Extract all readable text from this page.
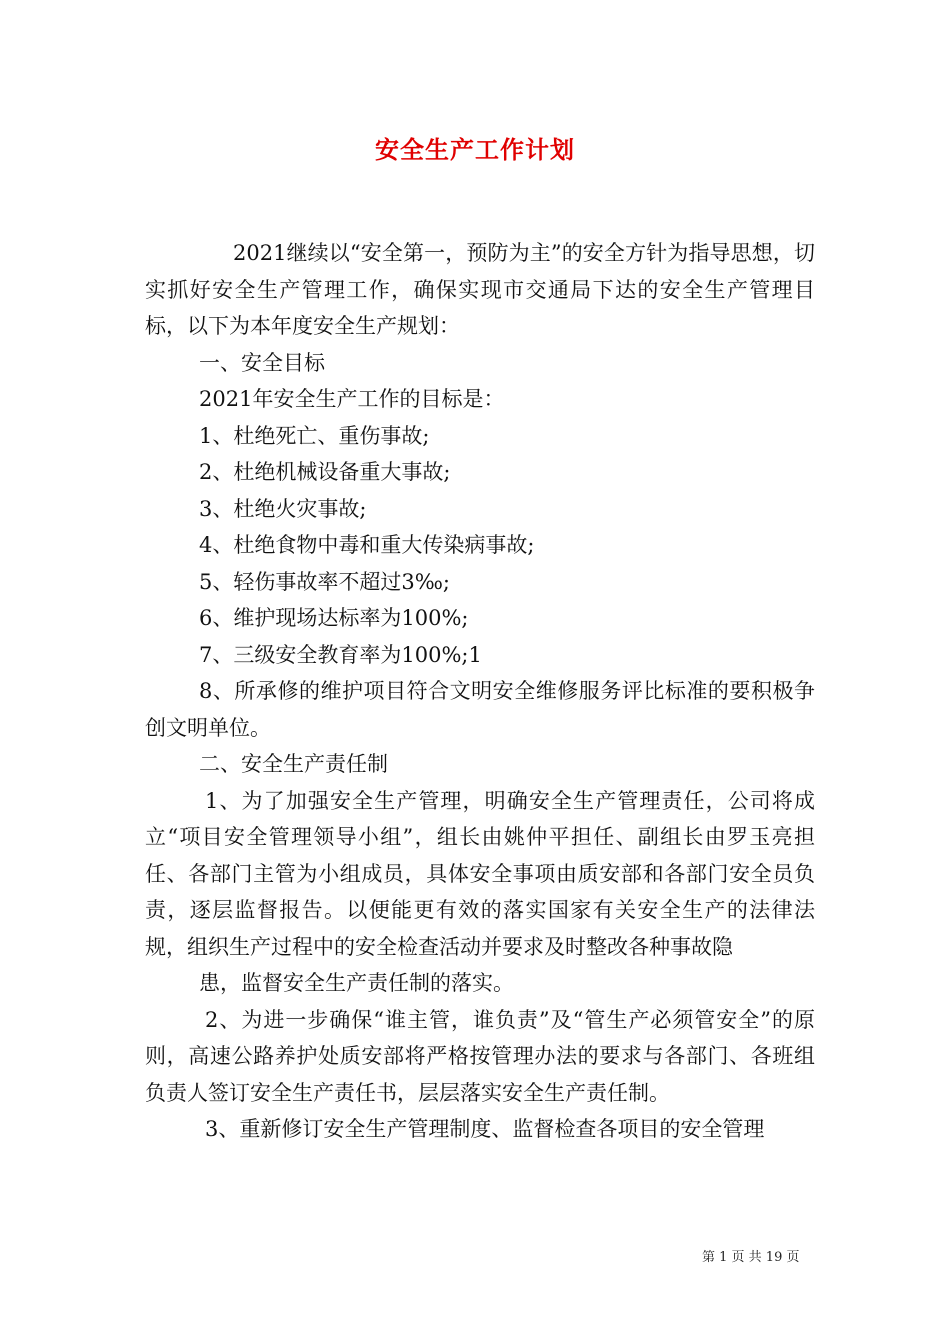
安全生产工作计划

2021继续以“安全第一，预防为主”的安全方针为指导思想，切实抓好安全生产管理工作，确保实现市交通局下达的安全生产管理目标，以下为本年度安全生产规划：

一、安全目标

2021年安全生产工作的目标是：

1、杜绝死亡、重伤事故;

2、杜绝机械设备重大事故;

3、杜绝火灾事故;

4、杜绝食物中毒和重大传染病事故;

5、轻伤事故率不超过3‰;

6、维护现场达标率为100%;

7、三级安全教育率为100%;1

8、所承修的维护项目符合文明安全维修服务评比标准的要积极争创文明单位。

二、安全生产责任制

1、为了加强安全生产管理，明确安全生产管理责任，公司将成立“项目安全管理领导小组”，组长由姚仲平担任、副组长由罗玉亮担任、各部门主管为小组成员，具体安全事项由质安部和各部门安全员负责，逐层监督报告。以便能更有效的落实国家有关安全生产的法律法规，组织生产过程中的安全检查活动并要求及时整改各种事故隐

患，监督安全生产责任制的落实。

2、为进一步确保“谁主管，谁负责”及“管生产必须管安全”的原则，高速公路养护处质安部将严格按管理办法的要求与各部门、各班组负责人签订安全生产责任书，层层落实安全生产责任制。

3、重新修订安全生产管理制度、监督检查各项目的安全管理

第 1 页 共 19 页
